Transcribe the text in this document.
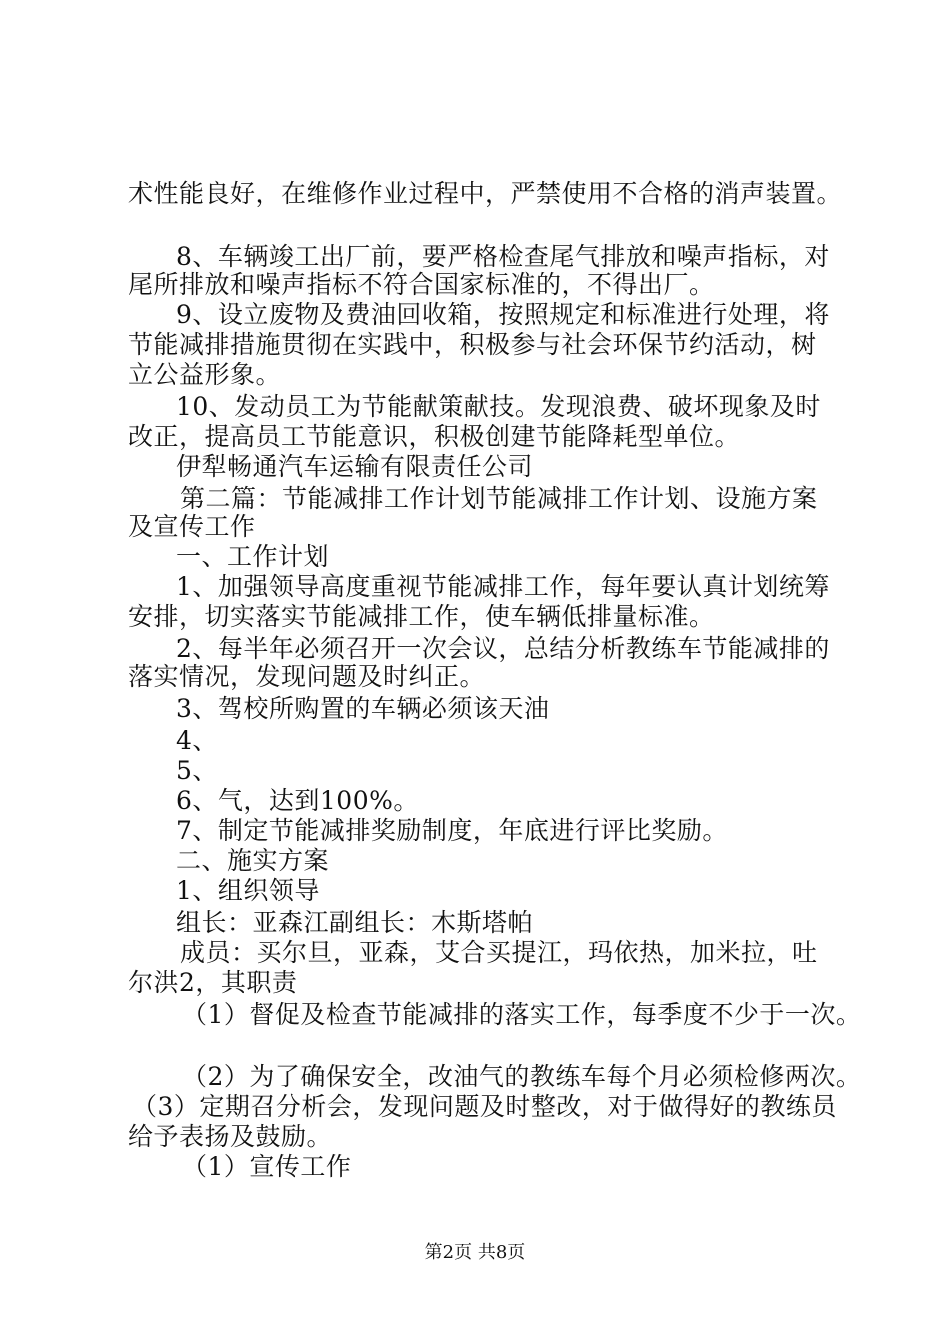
术性能良好，在维修作业过程中，严禁使用不合格的消声装置。
8、车辆竣工出厂前，要严格检查尾气排放和噪声指标，对
尾所排放和噪声指标不符合国家标准的，不得出厂。
9、设立废物及费油回收箱，按照规定和标准进行处理，将
节能减排措施贯彻在实践中，积极参与社会环保节约活动，树
立公益形象。
10、发动员工为节能献策献技。发现浪费、破坏现象及时
改正，提高员工节能意识，积极创建节能降耗型单位。
伊犁畅通汽车运输有限责任公司
第二篇：节能减排工作计划节能减排工作计划、设施方案
及宣传工作
一、工作计划
1、加强领导高度重视节能减排工作，每年要认真计划统筹
安排，切实落实节能减排工作，使车辆低排量标准。
2、每半年必须召开一次会议，总结分析教练车节能减排的
落实情况，发现问题及时纠正。
3、驾校所购置的车辆必须该天油
4、
5、
6、气，达到100%。
7、制定节能减排奖励制度，年底进行评比奖励。
二、施实方案
1、组织领导
组长：亚森江副组长：木斯塔帕
成员：买尔旦，亚森，艾合买提江，玛依热，加米拉，吐
尔洪2，其职责
（1）督促及检查节能减排的落实工作，每季度不少于一次。
（2）为了确保安全，改油气的教练车每个月必须检修两次。
（3）定期召分析会，发现问题及时整改，对于做得好的教练员
给予表扬及鼓励。
（1）宣传工作
第2页 共8页
